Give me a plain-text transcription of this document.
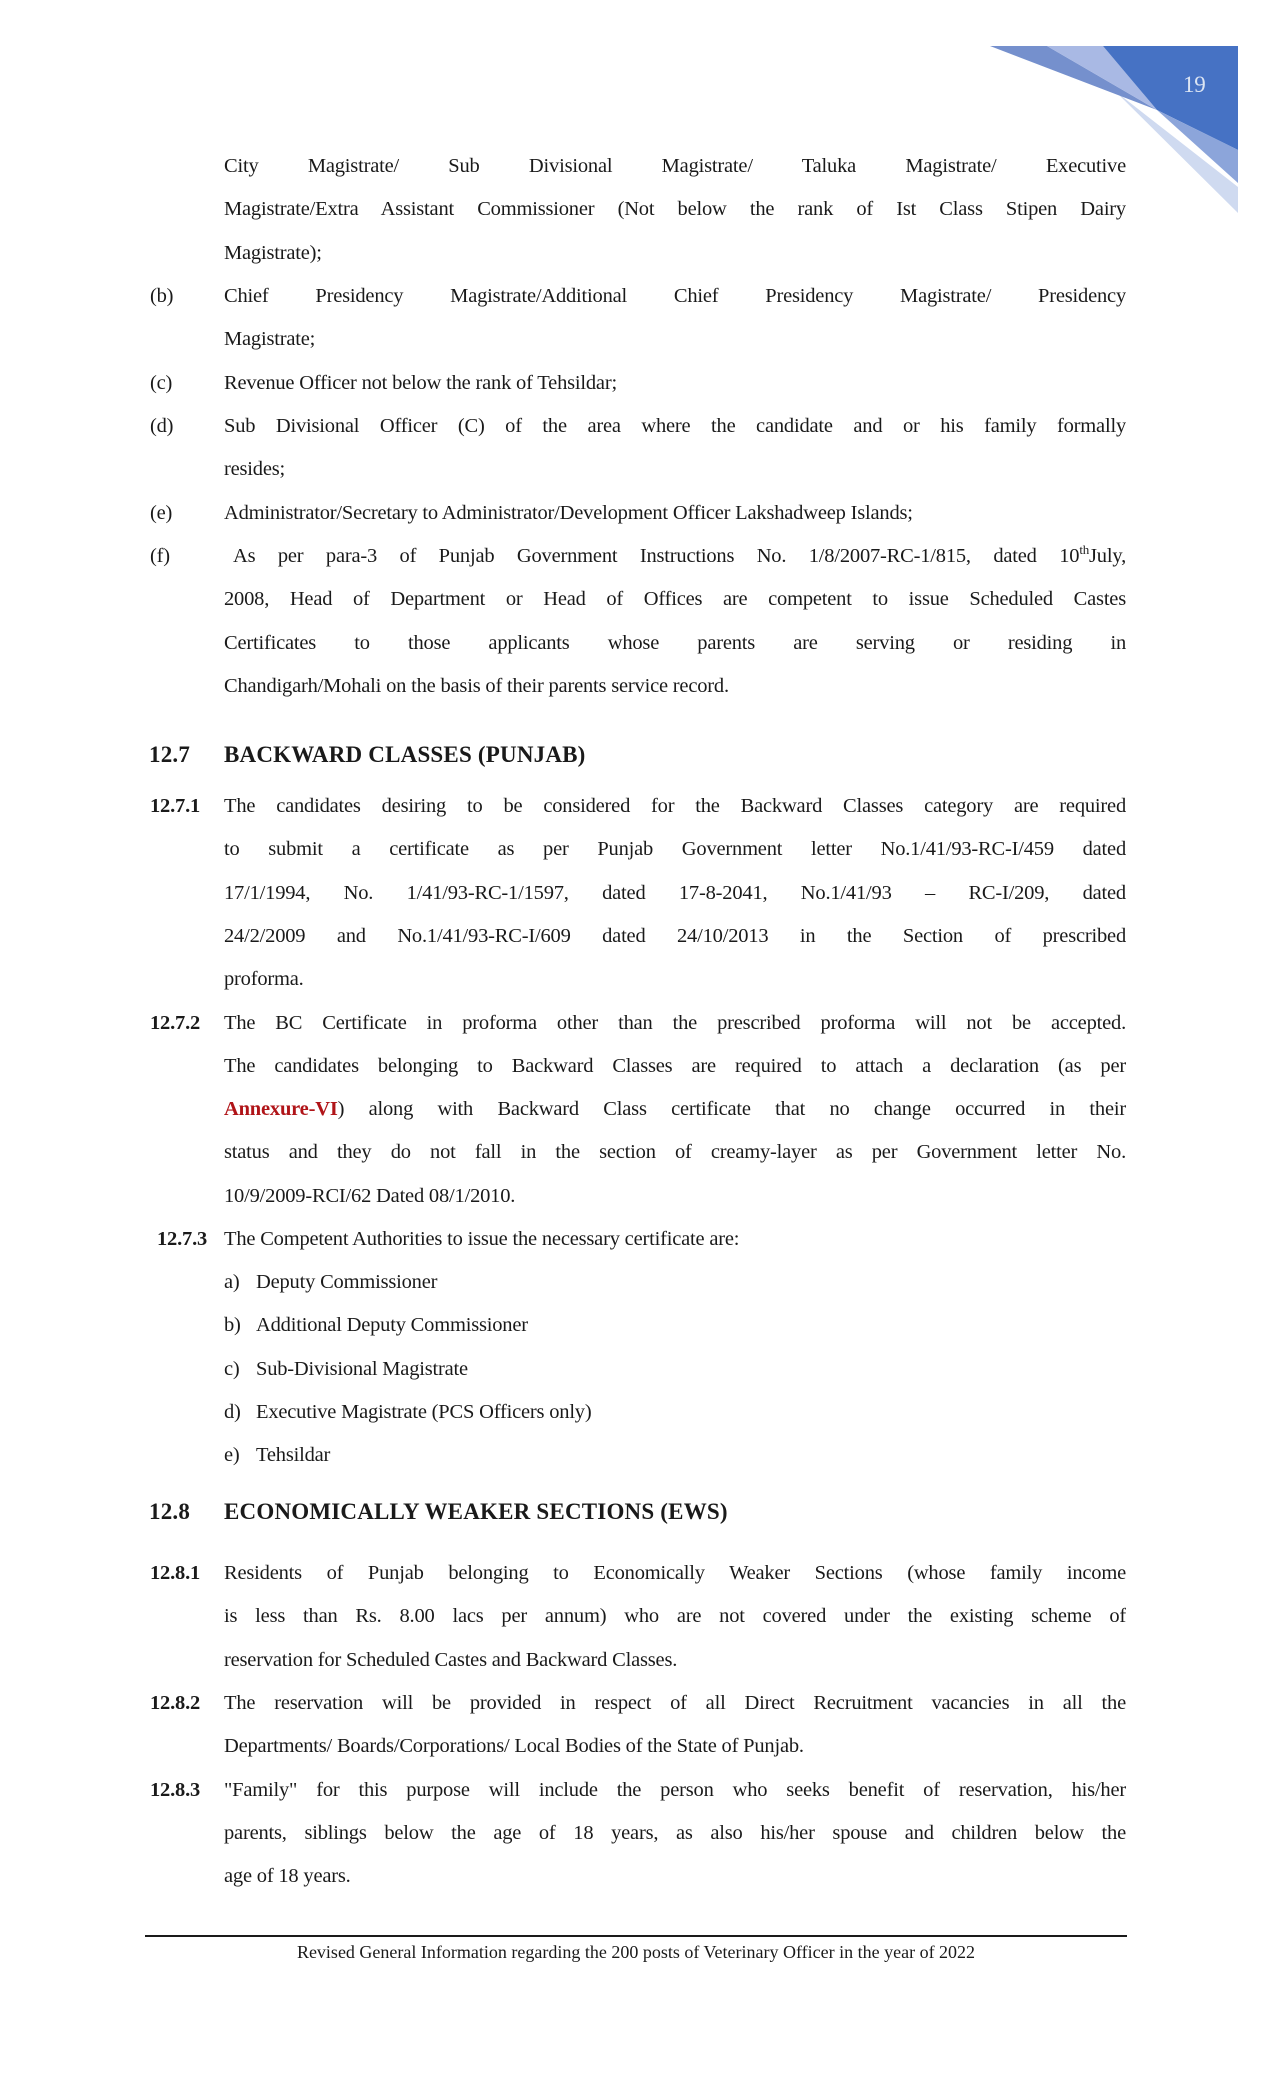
19
City Magistrate/ Sub Divisional Magistrate/ Taluka Magistrate/ Executive
Magistrate/Extra Assistant Commissioner (Not below the rank of Ist Class Stipen Dairy
Magistrate);
(b) Chief Presidency Magistrate/Additional Chief Presidency Magistrate/ Presidency
Magistrate;
(c)	Revenue Officer not below the rank of Tehsildar;
(d) Sub Divisional Officer (C) of the area where the candidate and or his family formally
resides;
(e)	Administrator/Secretary to Administrator/Development Officer Lakshadweep Islands;
(f)	As per para-3 of Punjab Government Instructions No. 1/8/2007-RC-1/815, dated 10thJuly,
2008, Head of Department or Head of Offices are competent to issue Scheduled Castes
Certificates to those applicants whose parents are serving or residing in
Chandigarh/Mohali on the basis of their parents service record.
12.7 BACKWARD CLASSES (PUNJAB)
12.7.1 The candidates desiring to be considered for the Backward Classes category are required
to submit a certificate as per Punjab Government letter No.1/41/93-RC-I/459 dated
17/1/1994, No. 1/41/93-RC-1/1597, dated 17-8-2041, No.1/41/93 – RC-I/209, dated
24/2/2009 and No.1/41/93-RC-I/609 dated 24/10/2013 in the Section of prescribed
proforma.
12.7.2 The BC Certificate in proforma other than the prescribed proforma will not be accepted.
The candidates belonging to Backward Classes are required to attach a declaration (as per
Annexure-VI) along with Backward Class certificate that no change occurred in their
status and they do not fall in the section of creamy-layer as per Government letter No.
10/9/2009-RCI/62 Dated 08/1/2010.
12.7.3 The Competent Authorities to issue the necessary certificate are:
a) Deputy Commissioner
b) Additional Deputy Commissioner
c) Sub-Divisional Magistrate
d) Executive Magistrate (PCS Officers only)
e) Tehsildar
12.8 ECONOMICALLY WEAKER SECTIONS (EWS)
12.8.1 Residents of Punjab belonging to Economically Weaker Sections (whose family income
is less than Rs. 8.00 lacs per annum) who are not covered under the existing scheme of
reservation for Scheduled Castes and Backward Classes.
12.8.2 The reservation will be provided in respect of all Direct Recruitment vacancies in all the
Departments/ Boards/Corporations/ Local Bodies of the State of Punjab.
12.8.3 "Family" for this purpose will include the person who seeks benefit of reservation, his/her
parents, siblings below the age of 18 years, as also his/her spouse and children below the
age of 18 years.
Revised General Information regarding the 200 posts of Veterinary Officer in the year of 2022
